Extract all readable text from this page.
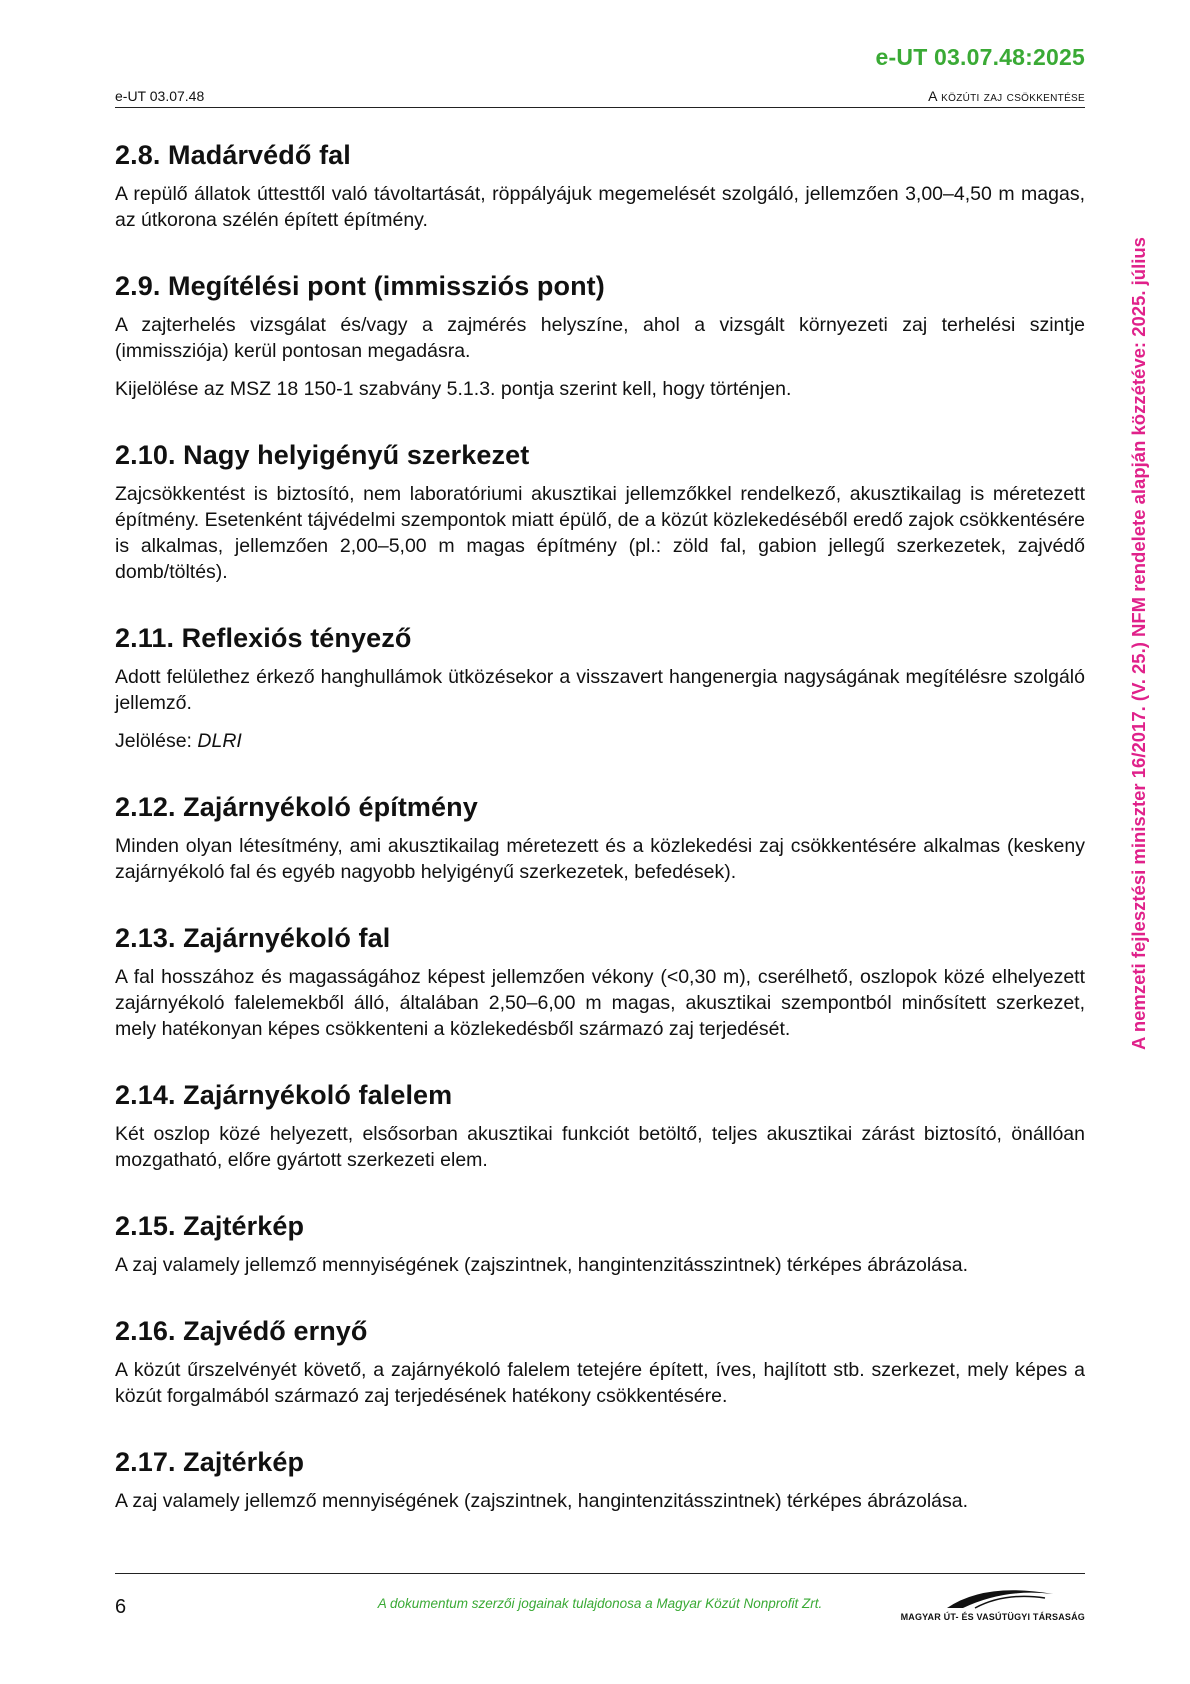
e-UT 03.07.48:2025
e-UT 03.07.48	A közúti zaj csökkentése
A nemzeti fejlesztési miniszter 16/2017. (V. 25.) NFM rendelete alapján közzétéve: 2025. július
2.8. Madárvédő fal

A repülő állatok úttesttől való távoltartását, röppályájuk megemelését szolgáló, jellemzően 3,00–4,50 m magas, az útkorona szélén épített építmény.

2.9. Megítélési pont (immissziós pont)

A zajterhelés vizsgálat és/vagy a zajmérés helyszíne, ahol a vizsgált környezeti zaj terhelési szintje (immissziója) kerül pontosan megadásra.

Kijelölése az MSZ 18 150-1 szabvány 5.1.3. pontja szerint kell, hogy történjen.

2.10. Nagy helyigényű szerkezet

Zajcsökkentést is biztosító, nem laboratóriumi akusztikai jellemzőkkel rendelkező, akusztikailag is méretezett építmény. Esetenként tájvédelmi szempontok miatt épülő, de a közút közlekedéséből eredő zajok csökkentésére is alkalmas, jellemzően 2,00–5,00 m magas építmény (pl.: zöld fal, gabion jellegű szerkezetek, zajvédő domb/töltés).

2.11. Reflexiós tényező

Adott felülethez érkező hanghullámok ütközésekor a visszavert hangenergia nagyságának megítélésre szolgáló jellemző.

Jelölése: DLRI

2.12. Zajárnyékoló építmény

Minden olyan létesítmény, ami akusztikailag méretezett és a közlekedési zaj csökkentésére alkalmas (keskeny zajárnyékoló fal és egyéb nagyobb helyigényű szerkezetek, befedések).

2.13. Zajárnyékoló fal

A fal hosszához és magasságához képest jellemzően vékony (<0,30 m), cserélhető, oszlopok közé elhelyezett zajárnyékoló falelemekből álló, általában 2,50–6,00 m magas, akusztikai szempontból minősített szerkezet, mely hatékonyan képes csökkenteni a közlekedésből származó zaj terjedését.

2.14. Zajárnyékoló falelem

Két oszlop közé helyezett, elsősorban akusztikai funkciót betöltő, teljes akusztikai zárást biztosító, önállóan mozgatható, előre gyártott szerkezeti elem.

2.15. Zajtérkép

A zaj valamely jellemző mennyiségének (zajszintnek, hangintenzitásszintnek) térképes ábrázolása.

2.16. Zajvédő ernyő

A közút űrszelvényét követő, a zajárnyékoló falelem tetejére épített, íves, hajlított stb. szerkezet, mely képes a közút forgalmából származó zaj terjedésének hatékony csökkentésére.

2.17. Zajtérkép

A zaj valamely jellemző mennyiségének (zajszintnek, hangintenzitásszintnek) térképes ábrázolása.

6	A dokumentum szerzői jogainak tulajdonosa a Magyar Közút Nonprofit Zrt.
MAGYAR ÚT- ÉS VASÚTÜGYI TÁRSASÁG
